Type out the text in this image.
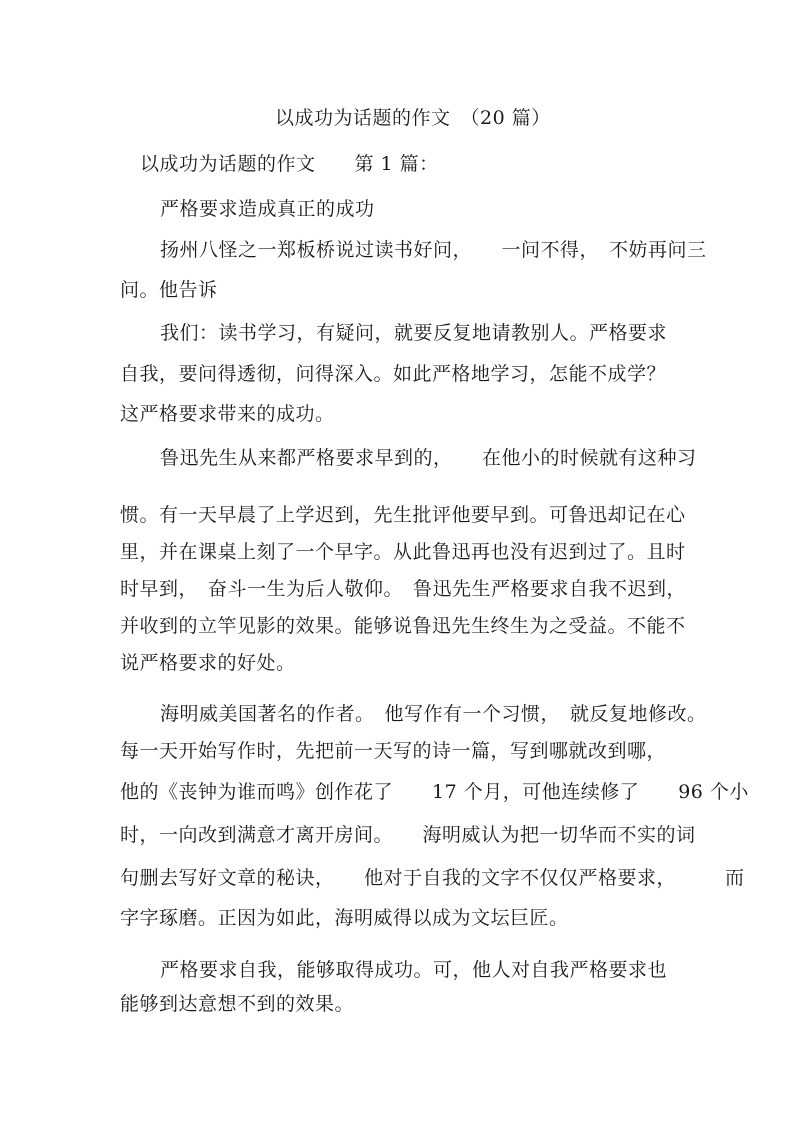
以成功为话题的作文　（20 篇）
以成功为话题的作文　　第 1 篇：
严格要求造成真正的成功
扬州八怪之一郑板桥说过读书好问，　　一问不得，　不妨再问三
问。他告诉
我们：读书学习，有疑问，就要反复地请教别人。严格要求
自我，要问得透彻，问得深入。如此严格地学习，怎能不成学？
这严格要求带来的成功。
鲁迅先生从来都严格要求早到的，　　在他小的时候就有这种习
惯。有一天早晨了上学迟到，先生批评他要早到。可鲁迅却记在心
里，并在课桌上刻了一个早字。从此鲁迅再也没有迟到过了。且时
时早到，　奋斗一生为后人敬仰。　鲁迅先生严格要求自我不迟到，
并收到的立竿见影的效果。能够说鲁迅先生终生为之受益。不能不
说严格要求的好处。
海明威美国著名的作者。　他写作有一个习惯，　就反复地修改。
每一天开始写作时，先把前一天写的诗一篇，写到哪就改到哪，
他的《丧钟为谁而鸣》创作花了　　17 个月，可他连续修了　　96 个小
时，一向改到满意才离开房间。　　海明威认为把一切华而不实的词
句删去写好文章的秘诀，　　他对于自我的文字不仅仅严格要求，　　　而
字字琢磨。正因为如此，海明威得以成为文坛巨匠。
严格要求自我，能够取得成功。可，他人对自我严格要求也
能够到达意想不到的效果。
